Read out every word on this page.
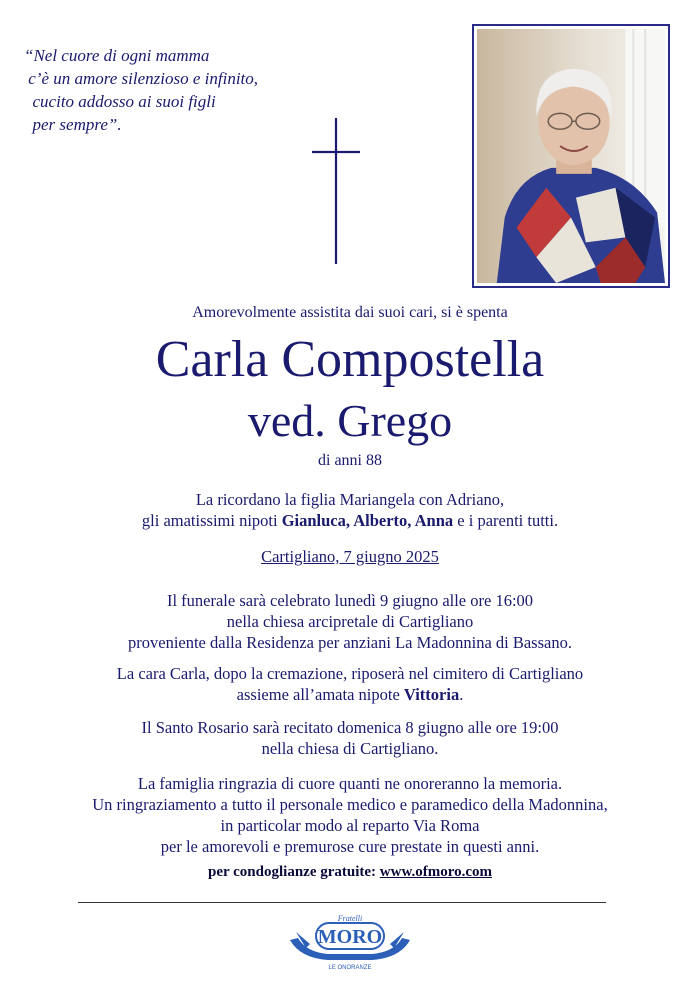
“Nel cuore di ogni mamma
c’è un amore silenzioso e infinito,
cucito addosso ai suoi figli
per sempre”.
Amorevolmente assistita dai suoi cari, si è spenta
Carla Compostella
ved. Grego
di anni 88
La ricordano la figlia Mariangela con Adriano,
gli amatissimi nipoti Gianluca, Alberto, Anna e i parenti tutti.
Cartigliano, 7 giugno 2025
Il funerale sarà celebrato lunedì 9 giugno alle ore 16:00
nella chiesa arcipretale di Cartigliano
proveniente dalla Residenza per anziani La Madonnina di Bassano.
La cara Carla, dopo la cremazione, riposerà nel cimitero di Cartigliano
assieme all’amata nipote Vittoria.
Il Santo Rosario sarà recitato domenica 8 giugno alle ore 19:00
nella chiesa di Cartigliano.
La famiglia ringrazia di cuore quanti ne onoreranno la memoria.
Un ringraziamento a tutto il personale medico e paramedico della Madonnina,
in particolar modo al reparto Via Roma
per le amorevoli e premurose cure prestate in questi anni.
per condoglianze gratuite: www.ofmoro.com
Fratelli
MORO
LE ONORANZE
